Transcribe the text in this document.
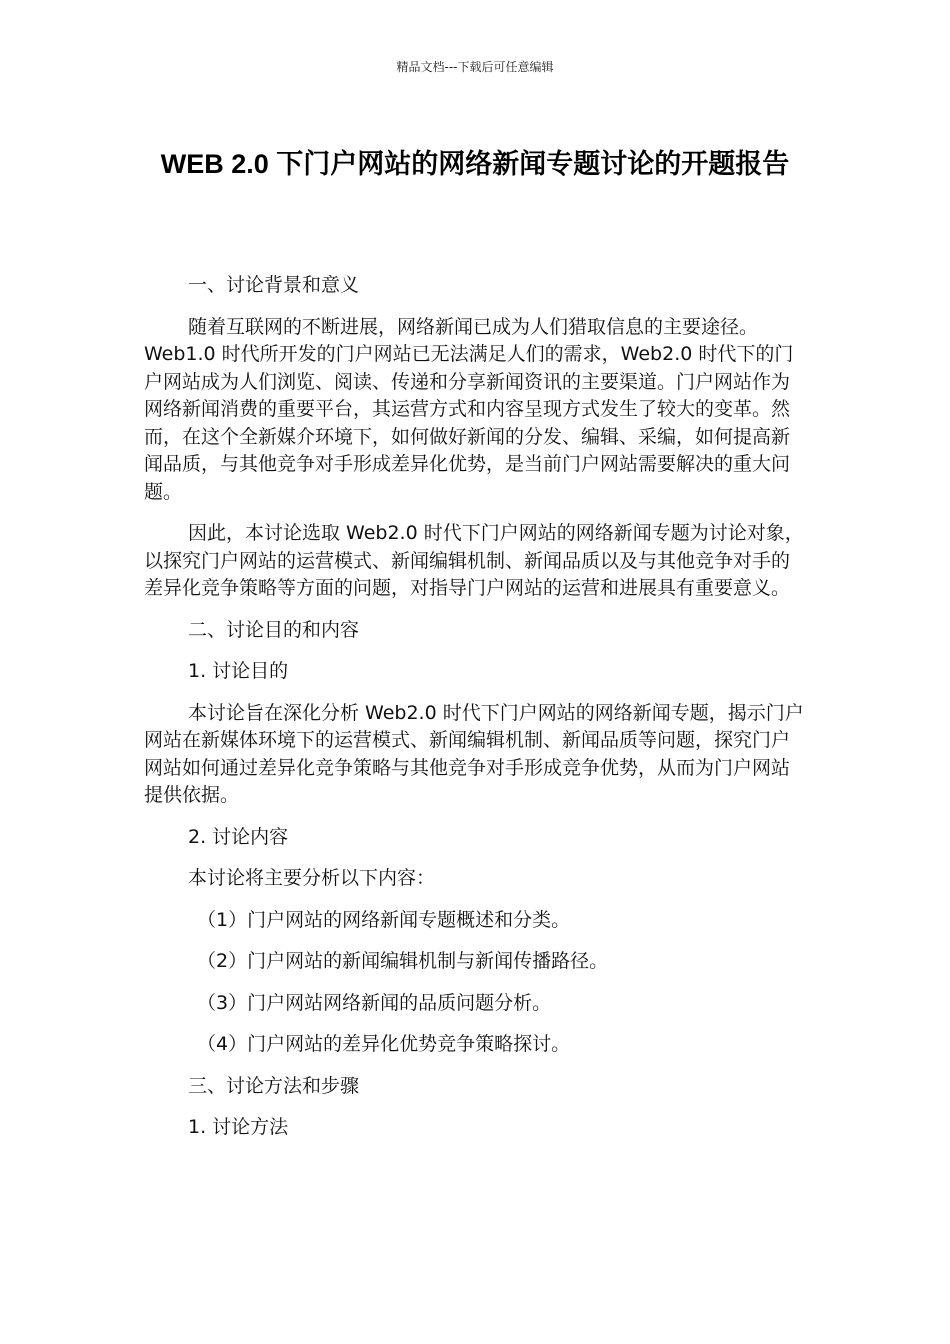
精品文档---下载后可任意编辑
WEB 2.0 下门户网站的网络新闻专题讨论的开题报告

一、讨论背景和意义

随着互联网的不断进展，网络新闻已成为人们猎取信息的主要途径。Web1.0 时代所开发的门户网站已无法满足人们的需求，Web2.0 时代下的门户网站成为人们浏览、阅读、传递和分享新闻资讯的主要渠道。门户网站作为网络新闻消费的重要平台，其运营方式和内容呈现方式发生了较大的变革。然而，在这个全新媒介环境下，如何做好新闻的分发、编辑、采编，如何提高新闻品质，与其他竞争对手形成差异化优势，是当前门户网站需要解决的重大问题。

因此，本讨论选取 Web2.0 时代下门户网站的网络新闻专题为讨论对象，以探究门户网站的运营模式、新闻编辑机制、新闻品质以及与其他竞争对手的差异化竞争策略等方面的问题，对指导门户网站的运营和进展具有重要意义。

二、讨论目的和内容

1. 讨论目的

本讨论旨在深化分析 Web2.0 时代下门户网站的网络新闻专题，揭示门户网站在新媒体环境下的运营模式、新闻编辑机制、新闻品质等问题，探究门户网站如何通过差异化竞争策略与其他竞争对手形成竞争优势，从而为门户网站提供依据。

2. 讨论内容

本讨论将主要分析以下内容：

（1）门户网站的网络新闻专题概述和分类。

（2）门户网站的新闻编辑机制与新闻传播路径。

（3）门户网站网络新闻的品质问题分析。

（4）门户网站的差异化优势竞争策略探讨。

三、讨论方法和步骤

1. 讨论方法
